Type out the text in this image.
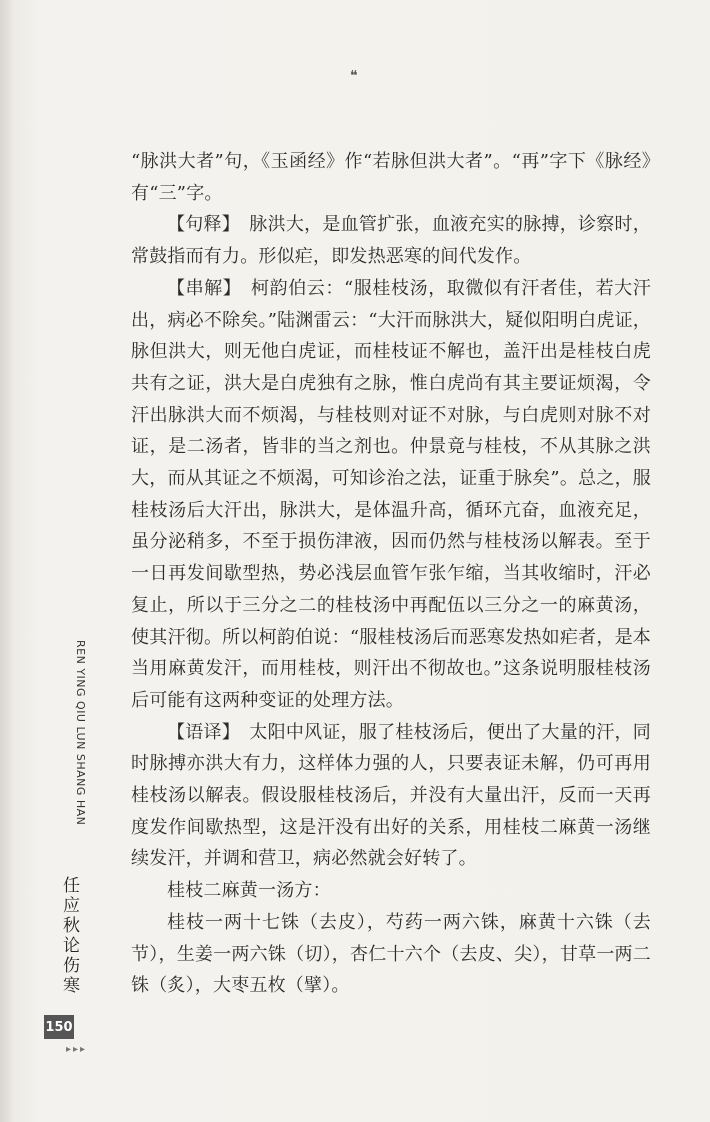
❝

“脉洪大者”句，《玉函经》作“若脉但洪大者”。“再”字下《脉经》有“三”字。

【句释】　脉洪大，是血管扩张，血液充实的脉搏，诊察时，常鼓指而有力。形似疟，即发热恶寒的间代发作。

【串解】　柯韵伯云：“服桂枝汤，取微似有汗者佳，若大汗出，病必不除矣。”陆渊雷云：“大汗而脉洪大，疑似阳明白虎证，脉但洪大，则无他白虎证，而桂枝证不解也，盖汗出是桂枝白虎共有之证，洪大是白虎独有之脉，惟白虎尚有其主要证烦渴，令汗出脉洪大而不烦渴，与桂枝则对证不对脉，与白虎则对脉不对证，是二汤者，皆非的当之剂也。仲景竟与桂枝，不从其脉之洪大，而从其证之不烦渴，可知诊治之法，证重于脉矣”。总之，服桂枝汤后大汗出，脉洪大，是体温升高，循环亢奋，血液充足，虽分泌稍多，不至于损伤津液，因而仍然与桂枝汤以解表。至于一日再发间歇型热，势必浅层血管乍张乍缩，当其收缩时，汗必复止，所以于三分之二的桂枝汤中再配伍以三分之一的麻黄汤，使其汗彻。所以柯韵伯说：“服桂枝汤后而恶寒发热如疟者，是本当用麻黄发汗，而用桂枝，则汗出不彻故也。”这条说明服桂枝汤后可能有这两种变证的处理方法。

【语译】　太阳中风证，服了桂枝汤后，便出了大量的汗，同时脉搏亦洪大有力，这样体力强的人，只要表证未解，仍可再用桂枝汤以解表。假设服桂枝汤后，并没有大量出汗，反而一天再度发作间歇热型，这是汗没有出好的关系，用桂枝二麻黄一汤继续发汗，并调和营卫，病必然就会好转了。

桂枝二麻黄一汤方：

桂枝一两十七铢（去皮），芍药一两六铢，麻黄十六铢（去节），生姜一两六铢（切），杏仁十六个（去皮、尖），甘草一两二铢（炙），大枣五枚（擘）。

REN YING QIU LUN SHANG HAN
任应秋论伤寒
150
▸▸▸
